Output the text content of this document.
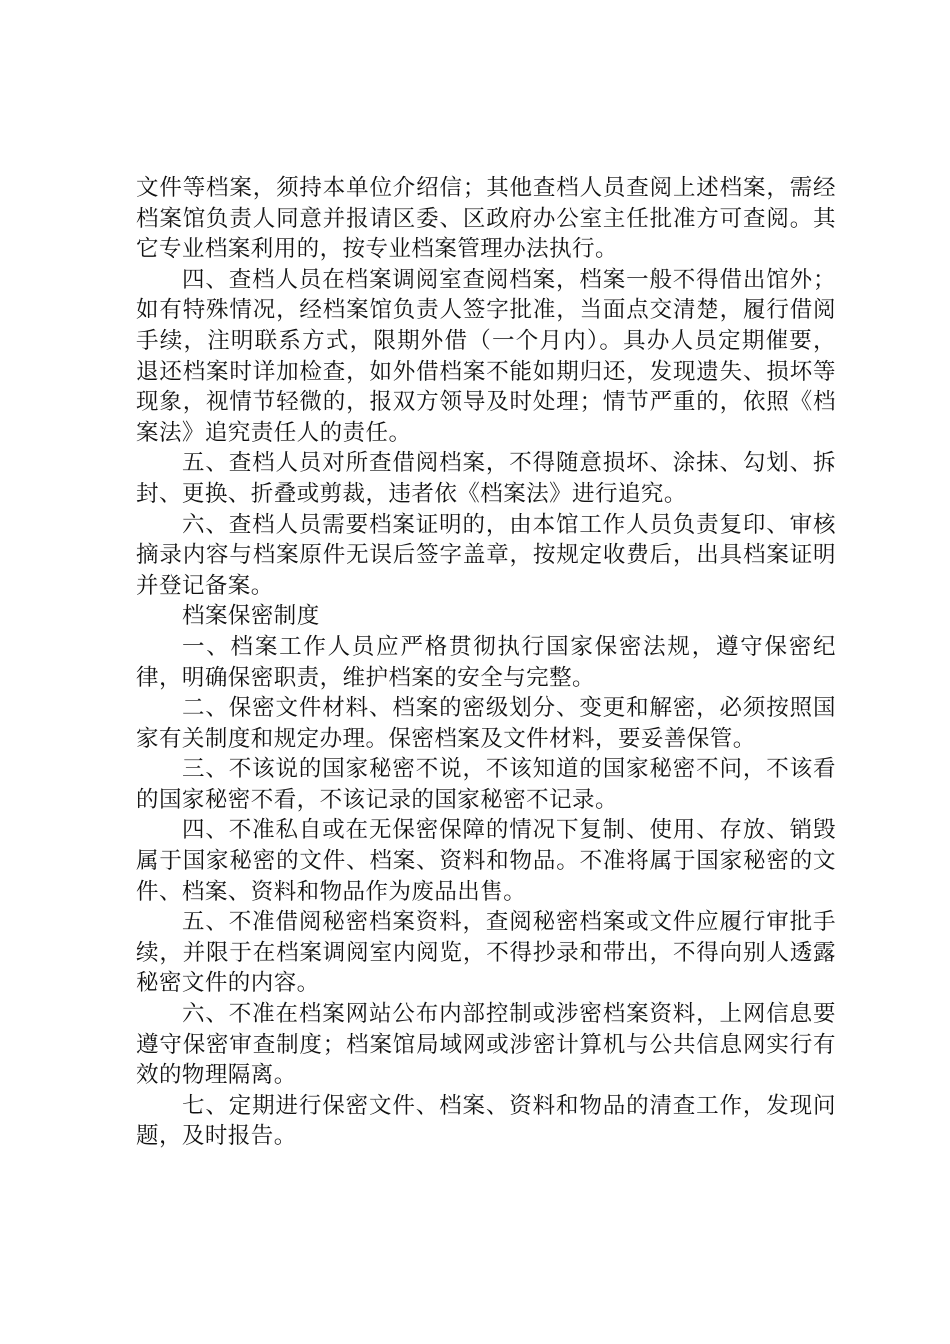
文件等档案，须持本单位介绍信；其他查档人员查阅上述档案，需经档案馆负责人同意并报请区委、区政府办公室主任批准方可查阅。其它专业档案利用的，按专业档案管理办法执行。

四、查档人员在档案调阅室查阅档案，档案一般不得借出馆外；如有特殊情况，经档案馆负责人签字批准，当面点交清楚，履行借阅手续，注明联系方式，限期外借（一个月内）。具办人员定期催要，退还档案时详加检查，如外借档案不能如期归还，发现遗失、损坏等现象，视情节轻微的，报双方领导及时处理；情节严重的，依照《档案法》追究责任人的责任。

五、查档人员对所查借阅档案，不得随意损坏、涂抹、勾划、拆封、更换、折叠或剪裁，违者依《档案法》进行追究。

六、查档人员需要档案证明的，由本馆工作人员负责复印、审核摘录内容与档案原件无误后签字盖章，按规定收费后，出具档案证明并登记备案。

档案保密制度

一、档案工作人员应严格贯彻执行国家保密法规，遵守保密纪律，明确保密职责，维护档案的安全与完整。

二、保密文件材料、档案的密级划分、变更和解密，必须按照国家有关制度和规定办理。保密档案及文件材料，要妥善保管。

三、不该说的国家秘密不说，不该知道的国家秘密不问，不该看的国家秘密不看，不该记录的国家秘密不记录。

四、不准私自或在无保密保障的情况下复制、使用、存放、销毁属于国家秘密的文件、档案、资料和物品。不准将属于国家秘密的文件、档案、资料和物品作为废品出售。

五、不准借阅秘密档案资料，查阅秘密档案或文件应履行审批手续，并限于在档案调阅室内阅览，不得抄录和带出，不得向别人透露秘密文件的内容。

六、不准在档案网站公布内部控制或涉密档案资料，上网信息要遵守保密审查制度；档案馆局域网或涉密计算机与公共信息网实行有效的物理隔离。

七、定期进行保密文件、档案、资料和物品的清查工作，发现问题，及时报告。
